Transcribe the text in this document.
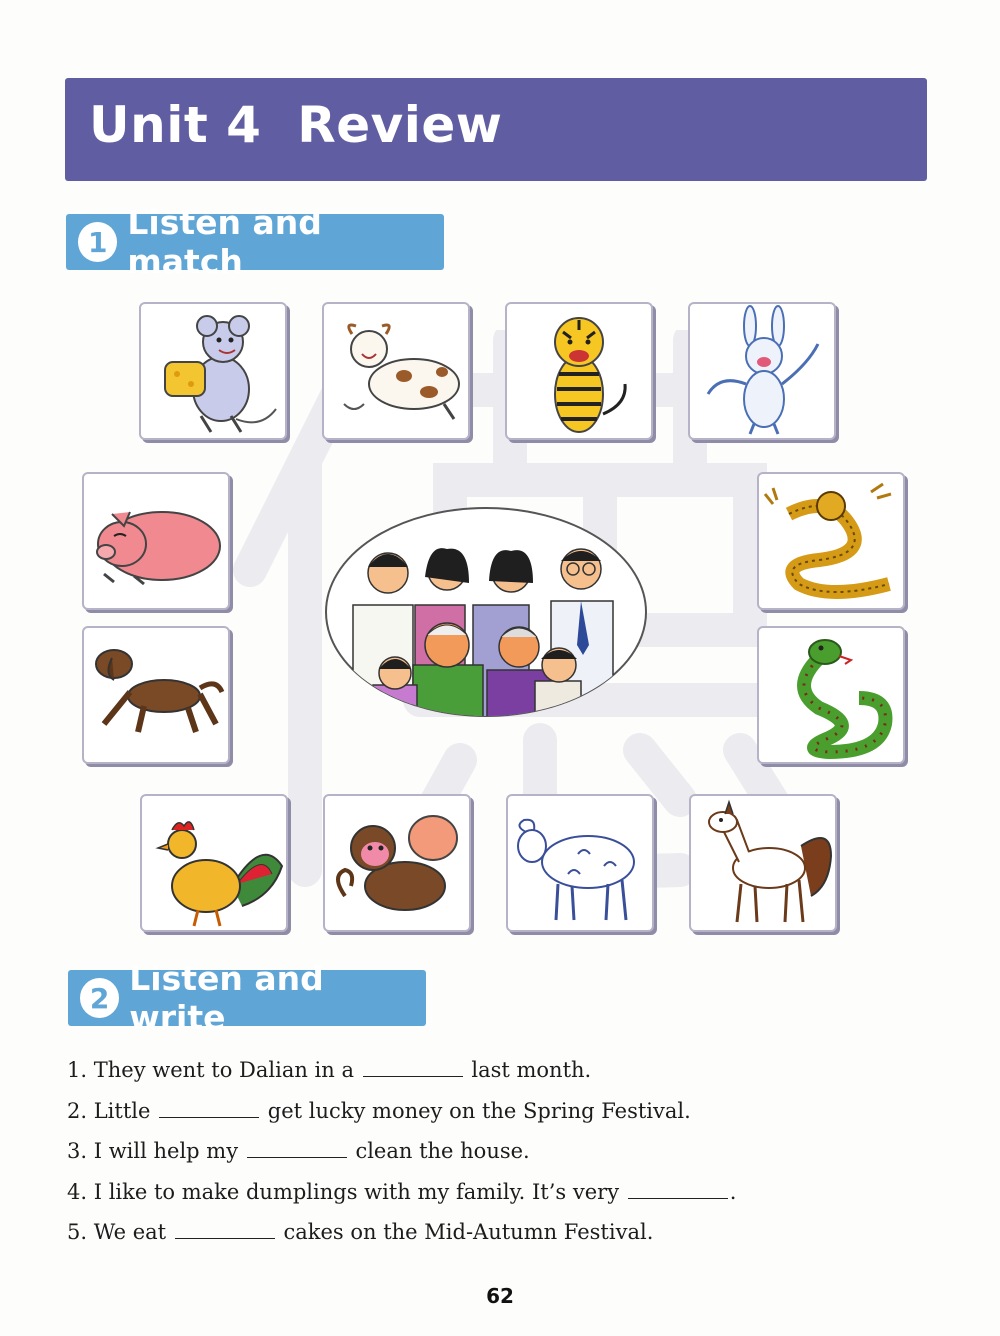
Unit 4  Review
1 Listen and match
2 Listen and write
1. They went to Dalian in a	last month.
2. Little	get lucky money on the Spring Festival.
3. I will help my	clean the house.
4. I like to make dumplings with my family. It’s very	.
5. We eat	cakes on the Mid-Autumn Festival.
62
